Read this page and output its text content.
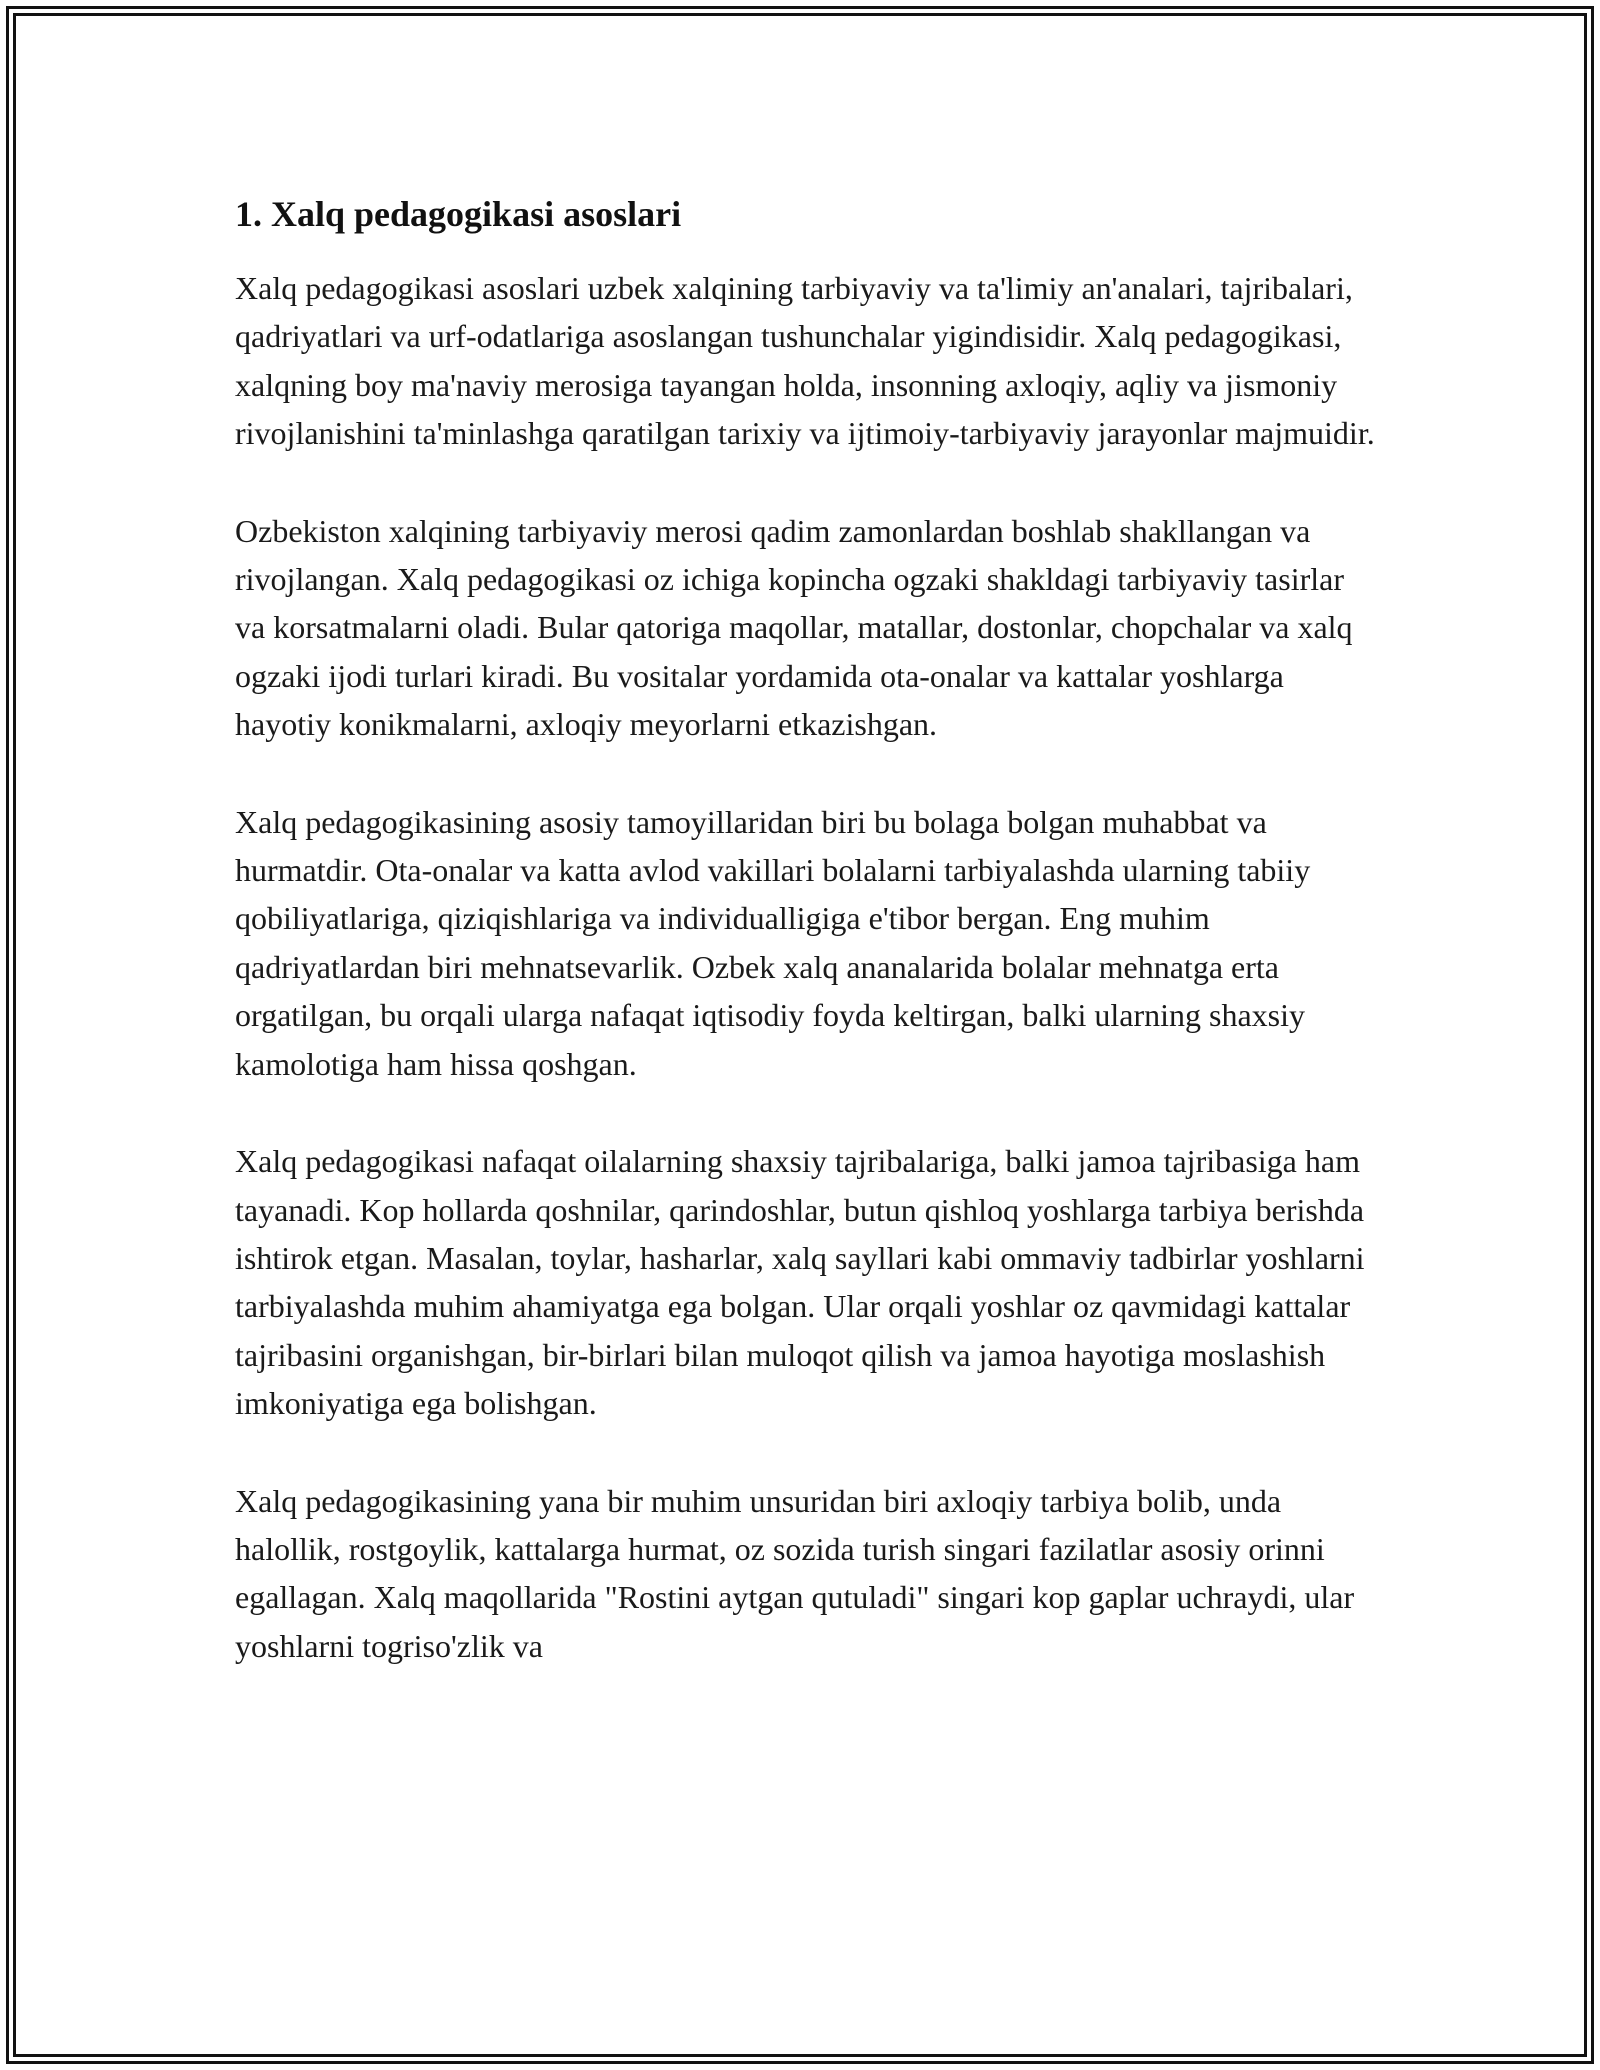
1. Xalq pedagogikasi asoslari

Xalq pedagogikasi asoslari uzbek xalqining tarbiyaviy va ta'limiy an'analari, tajribalari, qadriyatlari va urf-odatlariga asoslangan tushunchalar yigindisidir. Xalq pedagogikasi, xalqning boy ma'naviy merosiga tayangan holda, insonning axloqiy, aqliy va jismoniy rivojlanishini ta'minlashga qaratilgan tarixiy va ijtimoiy-tarbiyaviy jarayonlar majmuidir.

Ozbekiston xalqining tarbiyaviy merosi qadim zamonlardan boshlab shakllangan va rivojlangan. Xalq pedagogikasi oz ichiga kopincha ogzaki shakldagi tarbiyaviy tasirlar va korsatmalarni oladi. Bular qatoriga maqollar, matallar, dostonlar, chopchalar va xalq ogzaki ijodi turlari kiradi. Bu vositalar yordamida ota-onalar va kattalar yoshlarga hayotiy konikmalarni, axloqiy meyorlarni etkazishgan.

Xalq pedagogikasining asosiy tamoyillaridan biri bu bolaga bolgan muhabbat va hurmatdir. Ota-onalar va katta avlod vakillari bolalarni tarbiyalashda ularning tabiiy qobiliyatlariga, qiziqishlariga va individualligiga e'tibor bergan. Eng muhim qadriyatlardan biri mehnatsevarlik. Ozbek xalq ananalarida bolalar mehnatga erta orgatilgan, bu orqali ularga nafaqat iqtisodiy foyda keltirgan, balki ularning shaxsiy kamolotiga ham hissa qoshgan.

Xalq pedagogikasi nafaqat oilalarning shaxsiy tajribalariga, balki jamoa tajribasiga ham tayanadi. Kop hollarda qoshnilar, qarindoshlar, butun qishloq yoshlarga tarbiya berishda ishtirok etgan. Masalan, toylar, hasharlar, xalq sayllari kabi ommaviy tadbirlar yoshlarni tarbiyalashda muhim ahamiyatga ega bolgan. Ular orqali yoshlar oz qavmidagi kattalar tajribasini organishgan, bir-birlari bilan muloqot qilish va jamoa hayotiga moslashish imkoniyatiga ega bolishgan.

Xalq pedagogikasining yana bir muhim unsuridan biri axloqiy tarbiya bolib, unda halollik, rostgoylik, kattalarga hurmat, oz sozida turish singari fazilatlar asosiy orinni egallagan. Xalq maqollarida "Rostini aytgan qutuladi" singari kop gaplar uchraydi, ular yoshlarni togriso'zlik va
